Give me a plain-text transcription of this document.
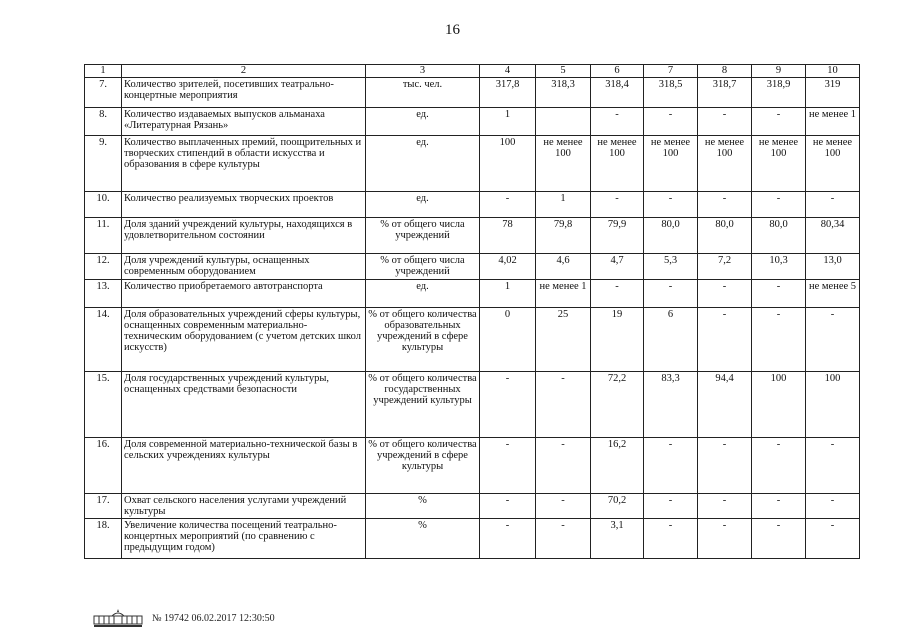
16
1	2	3	4	5	6	7	8	9	10
7.	Количество зрителей, посетивших театрально-концертные мероприятия	тыс. чел.	317,8	318,3	318,4	318,5	318,7	318,9	319
8.	Количество издаваемых выпусков альманаха «Литературная Рязань»	ед.	1		-	-	-	-	не менее 1
9.	Количество выплаченных премий, поощрительных и творческих стипендий в области искусства и образования в сфере культуры	ед.	100	не менее 100	не менее 100	не менее 100	не менее 100	не менее 100	не менее 100
10.	Количество реализуемых творческих проектов	ед.	-	1	-	-	-	-	-
11.	Доля зданий учреждений культуры, находящихся в удовлетворительном состоянии	% от общего числа учреждений	78	79,8	79,9	80,0	80,0	80,0	80,34
12.	Доля учреждений культуры, оснащенных современным оборудованием	% от общего числа учреждений	4,02	4,6	4,7	5,3	7,2	10,3	13,0
13.	Количество приобретаемого автотранспорта	ед.	1	не менее 1	-	-	-	-	не менее 5
14.	Доля образовательных учреждений сферы культуры, оснащенных современным материально-техническим оборудованием (с учетом детских школ искусств)	% от общего количества образовательных учреждений в сфере культуры	0	25	19	6	-	-	-
15.	Доля государственных учреждений культуры, оснащенных средствами безопасности	% от общего количества государственных учреждений культуры	-	-	72,2	83,3	94,4	100	100
16.	Доля современной материально-технической базы в сельских учреждениях культуры	% от общего количества учреждений в сфере культуры	-	-	16,2	-	-	-	-
17.	Охват сельского населения услугами учреждений культуры	%	-	-	70,2	-	-	-	-
18.	Увеличение количества посещений театрально-концертных мероприятий (по сравнению с предыдущим годом)	%	-	-	3,1	-	-	-	-
№ 19742 06.02.2017 12:30:50
